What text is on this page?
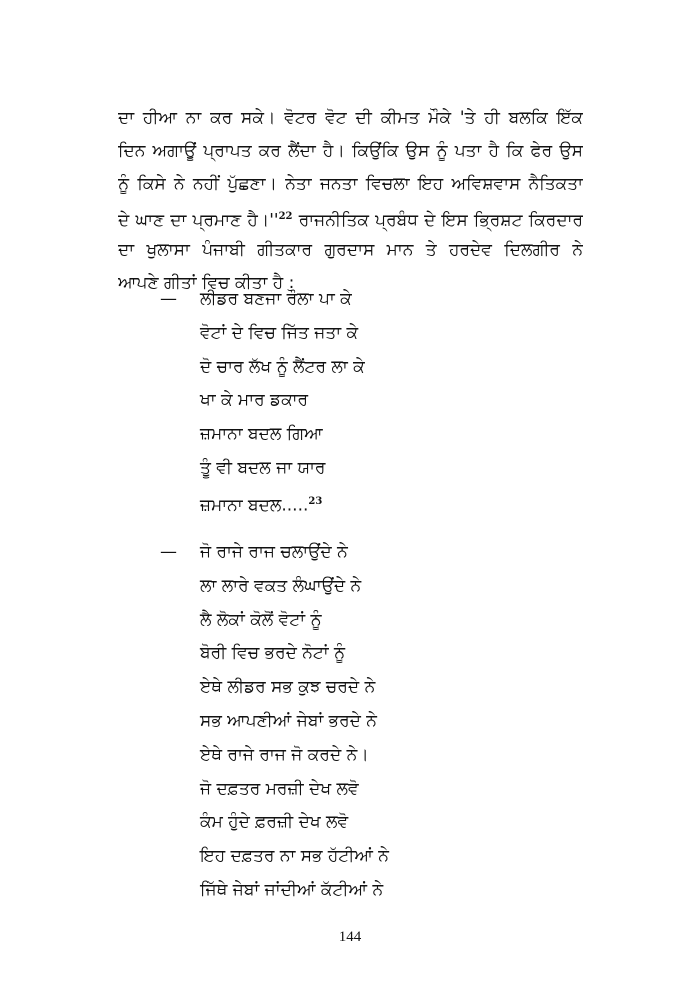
ਦਾ ਹੀਆ ਨਾ ਕਰ ਸਕੇ। ਵੋਟਰ ਵੋਟ ਦੀ ਕੀਮਤ ਮੌਕੇ 'ਤੇ ਹੀ ਬਲਕਿ ਇੱਕ
ਦਿਨ ਅਗਾਊਂ ਪ੍ਰਾਪਤ ਕਰ ਲੈਂਦਾ ਹੈ। ਕਿਉਂਕਿ ਉਸ ਨੂੰ ਪਤਾ ਹੈ ਕਿ ਫੇਰ ਉਸ
ਨੂੰ ਕਿਸੇ ਨੇ ਨਹੀਂ ਪੁੱਛਣਾ। ਨੇਤਾ ਜਨਤਾ ਵਿਚਲਾ ਇਹ ਅਵਿਸ਼ਵਾਸ ਨੈਤਿਕਤਾ
ਦੇ ਘਾਣ ਦਾ ਪ੍ਰਮਾਣ $ਹੈ।''^{22}$ ਰਾਜਨੀਤਿਕ ਪ੍ਰਬੰਧ ਦੇ ਇਸ ਭ੍ਰਿਸ਼ਟ ਕਿਰਦਾਰ
ਦਾ ਖੁਲਾਸਾ ਪੰਜਾਬੀ ਗੀਤਕਾਰ ਗੁਰਦਾਸ ਮਾਨ ਤੇ ਹਰਦੇਵ ਦਿਲਗੀਰ ਨੇ
ਆਪਣੇ ਗੀਤਾਂ ਵਿਚ ਕੀਤਾ ਹੈ :
— ਲੀਡਰ ਬਣਜਾ ਰੌਲਾ ਪਾ ਕੇ
ਵੋਟਾਂ ਦੇ ਵਿਚ ਜਿੱਤ ਜਤਾ ਕੇ
ਦੋ ਚਾਰ ਲੱਖ ਨੂੰ ਲੈਂਟਰ ਲਾ ਕੇ
ਖਾ ਕੇ ਮਾਰ ਡਕਾਰ
ਜ਼ਮਾਨਾ ਬਦਲ ਗਿਆ
ਤੂੰ ਵੀ ਬਦਲ ਜਾ ਯਾਰ
ਜ਼ਮਾਨਾ ਬਦਲ.....$^{23}$
— ਜੋ ਰਾਜੇ ਰਾਜ ਚਲਾਉਂਦੇ ਨੇ
ਲਾ ਲਾਰੇ ਵਕਤ ਲੰਘਾਉਂਦੇ ਨੇ
ਲੈ ਲੋਕਾਂ ਕੋਲੋਂ ਵੋਟਾਂ ਨੂੰ
ਬੋਰੀ ਵਿਚ ਭਰਦੇ ਨੋਟਾਂ ਨੂੰ
ਏਥੇ ਲੀਡਰ ਸਭ ਕੁਝ ਚਰਦੇ ਨੇ
ਸਭ ਆਪਣੀਆਂ ਜੇਬਾਂ ਭਰਦੇ ਨੇ
ਏਥੇ ਰਾਜੇ ਰਾਜ ਜੋ ਕਰਦੇ ਨੇ।
ਜੋ ਦਫ਼ਤਰ ਮਰਜ਼ੀ ਦੇਖ ਲਵੋ
ਕੰਮ ਹੁੰਦੇ ਫ਼ਰਜ਼ੀ ਦੇਖ ਲਵੋ
ਇਹ ਦਫ਼ਤਰ ਨਾ ਸਭ ਹੱਟੀਆਂ ਨੇ
ਜਿੱਥੇ ਜੇਬਾਂ ਜਾਂਦੀਆਂ ਕੱਟੀਆਂ ਨੇ
144
